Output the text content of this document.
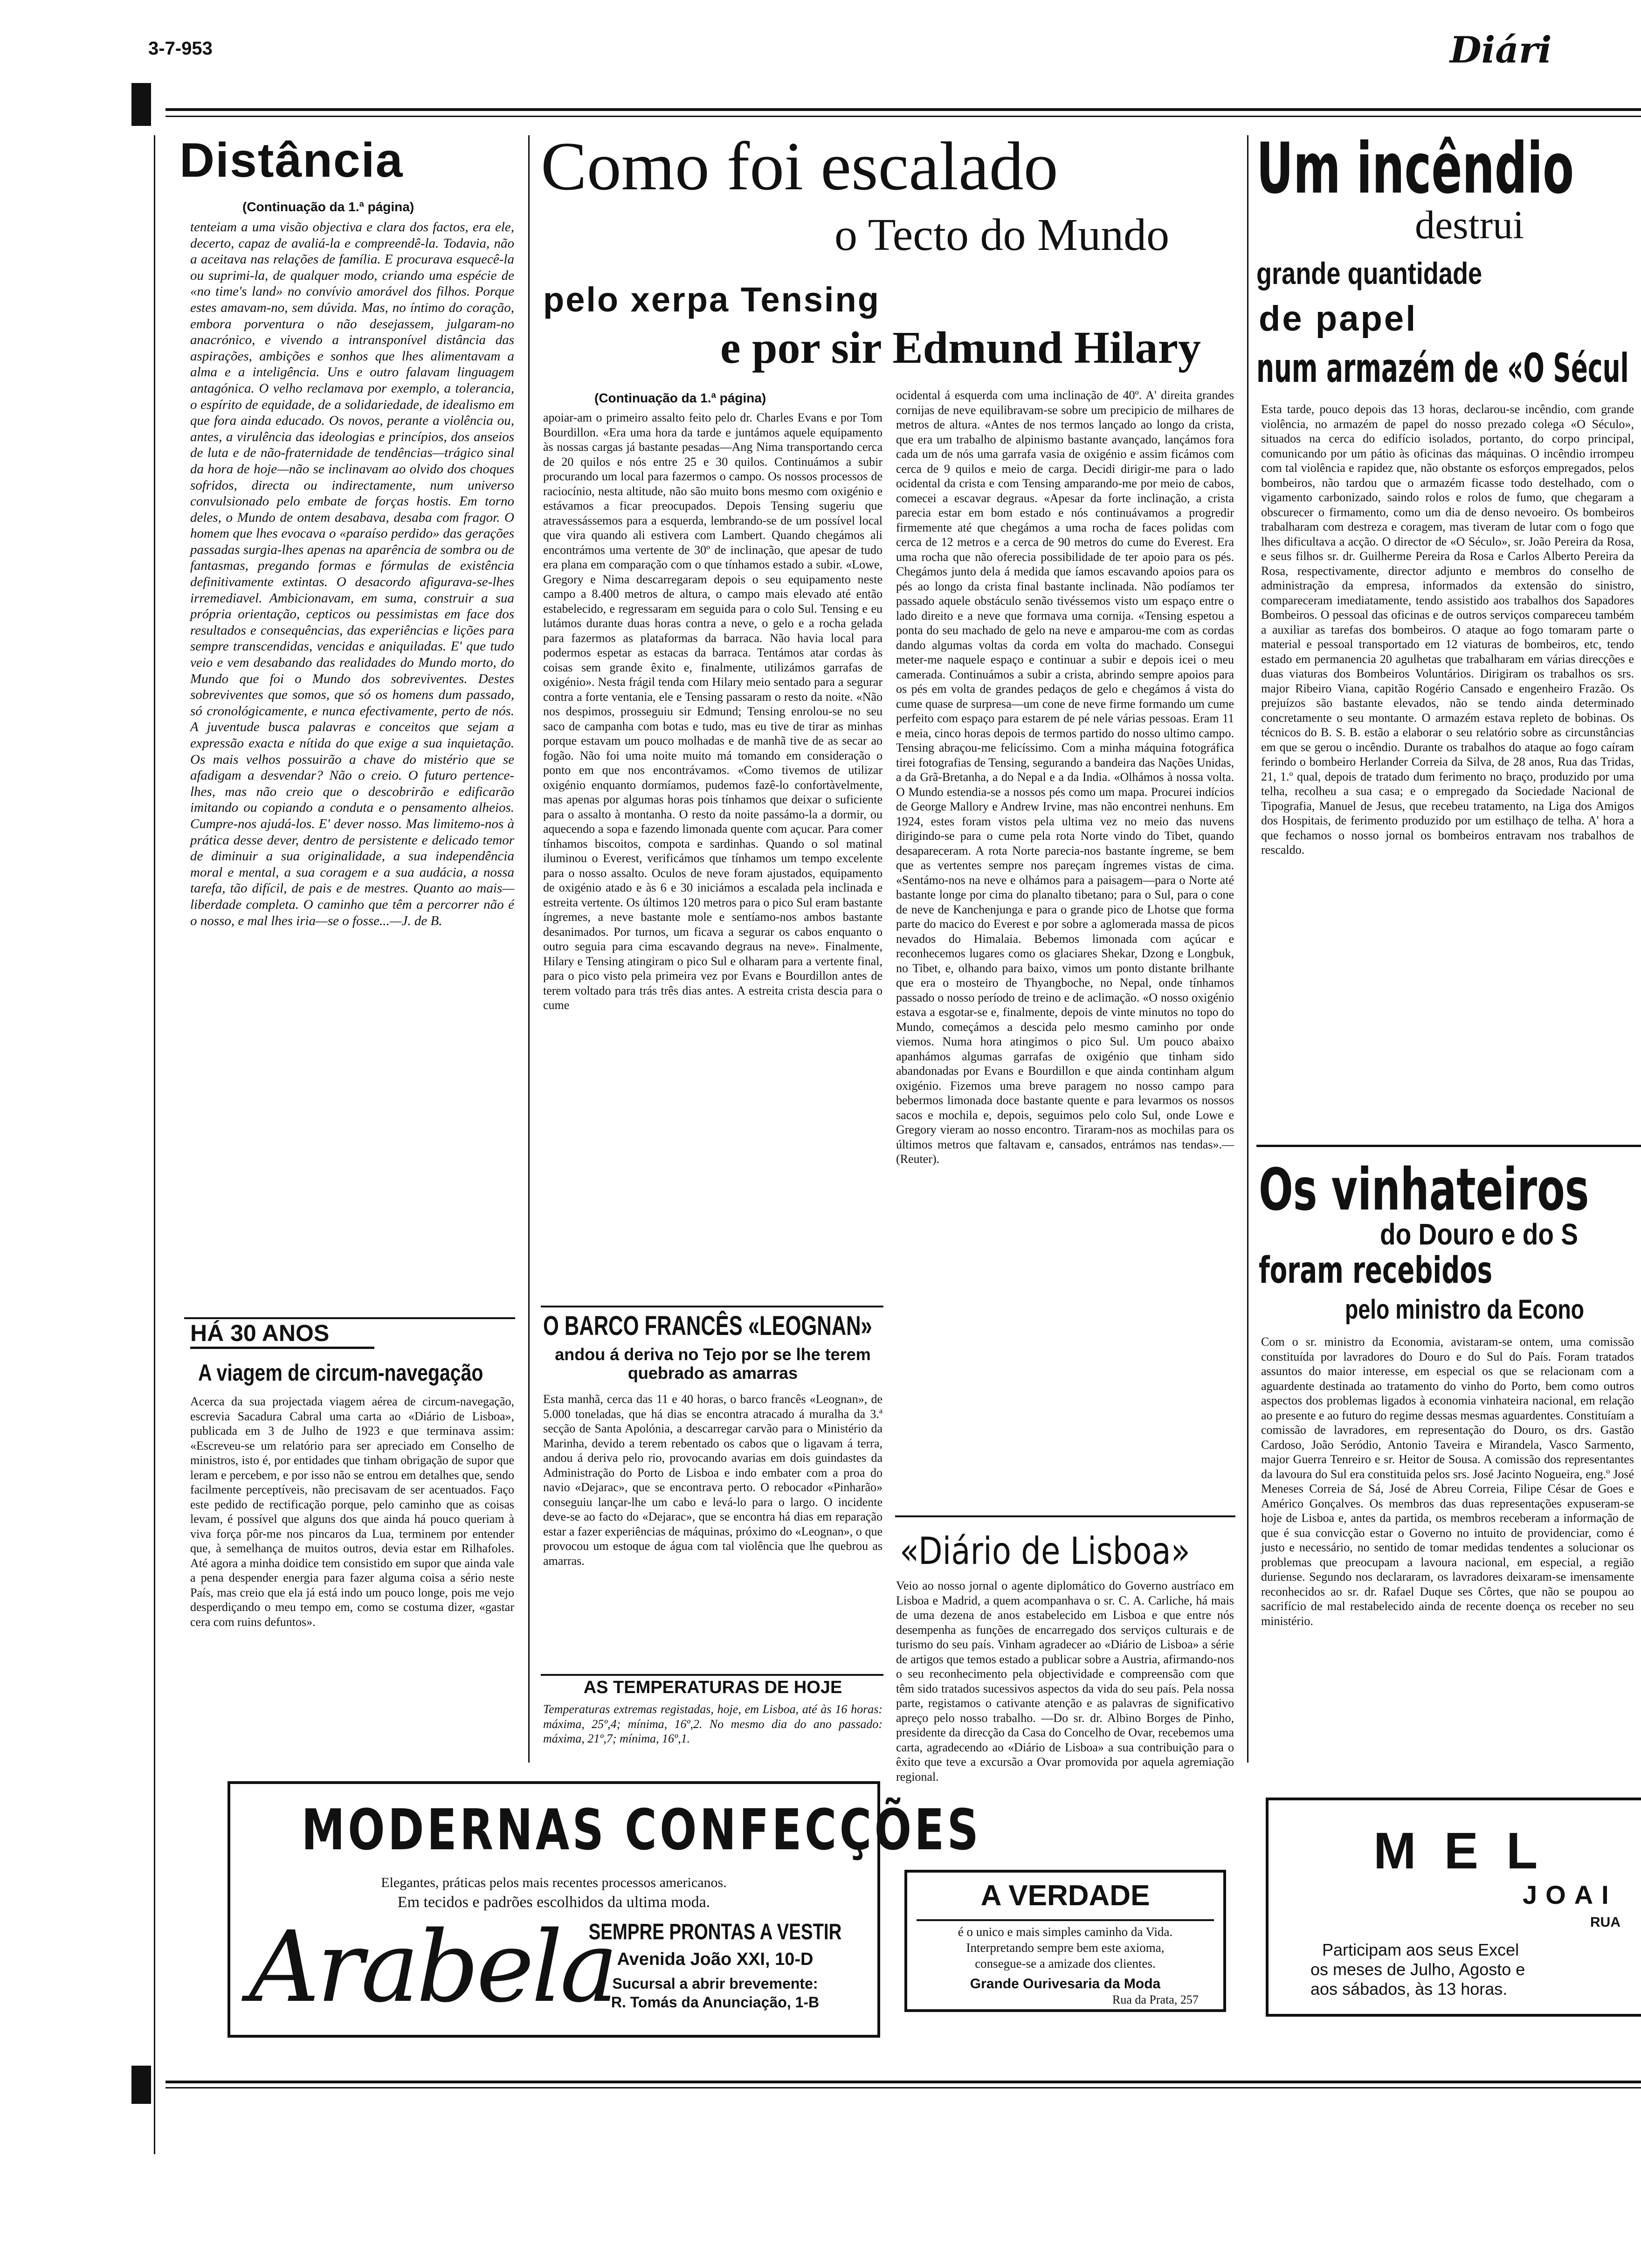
3-7-953	Diári
Distância
(Continuação da 1.ª página)

tenteiam a uma visão objectiva e clara dos factos, era ele, decerto, capaz de avaliá-la e compreendê-la. Todavia, não a aceitava nas relações de família. E procurava esquecê-la ou suprimi-la, de qualquer modo, criando uma espécie de «no time's land» no convívio amorável dos filhos. Porque estes amavam-no, sem dúvida. Mas, no íntimo do coração, embora porventura o não desejassem, julgaram-no anacrónico, e vivendo a intransponível distância das aspirações, ambições e sonhos que lhes alimentavam a alma e a inteligência. Uns e outro falavam linguagem antagónica. O velho reclamava por exemplo, a tolerancia, o espírito de equidade, de a solidariedade, de idealismo em que fora ainda educado. Os novos, perante a violência ou, antes, a virulência das ideologias e princípios, dos anseios de luta e de não-fraternidade de tendências—trágico sinal da hora de hoje—não se inclinavam ao olvido dos choques sofridos, directa ou indirectamente, num universo convulsionado pelo embate de forças hostis. Em torno deles, o Mundo de ontem desabava, desaba com fragor. O homem que lhes evocava o «paraíso perdido» das gerações passadas surgia-lhes apenas na aparência de sombra ou de fantasmas, pregando formas e fórmulas de existência definitivamente extintas. O desacordo afigurava-se-lhes irremediavel. Ambicionavam, em suma, construir a sua própria orientação, cepticos ou pessimistas em face dos resultados e consequências, das experiências e lições para sempre transcendidas, vencidas e aniquiladas. E' que tudo veio e vem desabando das realidades do Mundo morto, do Mundo que foi o Mundo dos sobreviventes. Destes sobreviventes que somos, que só os homens dum passado, só cronológicamente, e nunca efectivamente, perto de nós. A juventude busca palavras e conceitos que sejam a expressão exacta e nítida do que exige a sua inquietação. Os mais velhos possuirão a chave do mistério que se afadigam a desvendar? Não o creio. O futuro pertence-lhes, mas não creio que o descobrirão e edificarão imitando ou copiando a conduta e o pensamento alheios. Cumpre-nos ajudá-los. E' dever nosso. Mas limitemo-nos à prática desse dever, dentro de persistente e delicado temor de diminuir a sua originalidade, a sua independência moral e mental, a sua coragem e a sua audácia, a nossa tarefa, tão difícil, de pais e de mestres. Quanto ao mais—liberdade completa. O caminho que têm a percorrer não é o nosso, e mal lhes iria—se o fosse...—J. de B.

HÁ 30 ANOS
A viagem de circum-navegação

Acerca da sua projectada viagem aérea de circum-navegação, escrevia Sacadura Cabral uma carta ao «Diário de Lisboa», publicada em 3 de Julho de 1923 e que terminava assim: «Escreveu-se um relatório para ser apreciado em Conselho de ministros, isto é, por entidades que tinham obrigação de supor que leram e percebem, e por isso não se entrou em detalhes que, sendo facilmente perceptíveis, não precisavam de ser acentuados. Faço este pedido de rectificação porque, pelo caminho que as coisas levam, é possível que alguns dos que ainda há pouco queriam à viva força pôr-me nos pincaros da Lua, terminem por entender que, à semelhança de muitos outros, devia estar em Rilhafoles. Até agora a minha doidice tem consistido em supor que ainda vale a pena despender energia para fazer alguma coisa a sério neste País, mas creio que ela já está indo um pouco longe, pois me vejo desperdiçando o meu tempo em, como se costuma dizer, «gastar cera com ruins defuntos».

Como foi escalado
o Tecto do Mundo
pelo xerpa Tensing
e por sir Edmund Hilary
(Continuação da 1.ª página)

apoiar-am o primeiro assalto feito pelo dr. Charles Evans e por Tom Bourdillon. «Era uma hora da tarde e juntámos aquele equipamento às nossas cargas já bastante pesadas—Ang Nima transportando cerca de 20 quilos e nós entre 25 e 30 quilos. Continuámos a subir procurando um local para fazermos o campo. Os nossos processos de raciocínio, nesta altitude, não são muito bons mesmo com oxigénio e estávamos a ficar preocupados. Depois Tensing sugeriu que atravessássemos para a esquerda, lembrando-se de um possível local que vira quando ali estivera com Lambert. Quando chegámos ali encontrámos uma vertente de 30º de inclinação, que apesar de tudo era plana em comparação com o que tínhamos estado a subir. «Lowe, Gregory e Nima descarregaram depois o seu equipamento neste campo a 8.400 metros de altura, o campo mais elevado até então estabelecido, e regressaram em seguida para o colo Sul. Tensing e eu lutámos durante duas horas contra a neve, o gelo e a rocha gelada para fazermos as plataformas da barraca. Não havia local para podermos espetar as estacas da barraca. Tentámos atar cordas às coisas sem grande êxito e, finalmente, utilizámos garrafas de oxigénio». Nesta frágil tenda com Hilary meio sentado para a segurar contra a forte ventania, ele e Tensing passaram o resto da noite. «Não nos despimos, prosseguiu sir Edmund; Tensing enrolou-se no seu saco de campanha com botas e tudo, mas eu tive de tirar as minhas porque estavam um pouco molhadas e de manhã tive de as secar ao fogão. Não foi uma noite muito má tomando em consideração o ponto em que nos encontrávamos. «Como tivemos de utilizar oxigénio enquanto dormíamos, pudemos fazê-lo confortàvelmente, mas apenas por algumas horas pois tínhamos que deixar o suficiente para o assalto à montanha. O resto da noite passámo-la a dormir, ou aquecendo a sopa e fazendo limonada quente com açucar. Para comer tínhamos biscoitos, compota e sardinhas. Quando o sol matinal iluminou o Everest, verificámos que tínhamos um tempo excelente para o nosso assalto. Oculos de neve foram ajustados, equipamento de oxigénio atado e às 6 e 30 iniciámos a escalada pela inclinada e estreita vertente. Os últimos 120 metros para o pico Sul eram bastante íngremes, a neve bastante mole e sentíamo-nos ambos bastante desanimados. Por turnos, um ficava a segurar os cabos enquanto o outro seguia para cima escavando degraus na neve». Finalmente, Hilary e Tensing atingiram o pico Sul e olharam para a vertente final, para o pico visto pela primeira vez por Evans e Bourdillon antes de terem voltado para trás três dias antes. A estreita crista descia para o cume

ocidental á esquerda com uma inclinação de 40º. A' direita grandes cornijas de neve equilibravam-se sobre um precipicio de milhares de metros de altura. «Antes de nos termos lançado ao longo da crista, que era um trabalho de alpinismo bastante avançado, lançámos fora cada um de nós uma garrafa vasia de oxigénio e assim ficámos com cerca de 9 quilos e meio de carga. Decidi dirigir-me para o lado ocidental da crista e com Tensing amparando-me por meio de cabos, comecei a escavar degraus. «Apesar da forte inclinação, a crista parecia estar em bom estado e nós continuávamos a progredir firmemente até que chegámos a uma rocha de faces polidas com cerca de 12 metros e a cerca de 90 metros do cume do Everest. Era uma rocha que não oferecia possibilidade de ter apoio para os pés. Chegámos junto dela á medida que íamos escavando apoios para os pés ao longo da crista final bastante inclinada. Não podíamos ter passado aquele obstáculo senão tivéssemos visto um espaço entre o lado direito e a neve que formava uma cornija. «Tensing espetou a ponta do seu machado de gelo na neve e amparou-me com as cordas dando algumas voltas da corda em volta do machado. Consegui meter-me naquele espaço e continuar a subir e depois icei o meu camerada. Continuámos a subir a crista, abrindo sempre apoios para os pés em volta de grandes pedaços de gelo e chegámos á vista do cume quase de surpresa—um cone de neve firme formando um cume perfeito com espaço para estarem de pé nele várias pessoas. Eram 11 e meia, cinco horas depois de termos partido do nosso ultimo campo. Tensing abraçou-me felicíssimo. Com a minha máquina fotográfica tirei fotografias de Tensing, segurando a bandeira das Nações Unidas, a da Grã-Bretanha, a do Nepal e a da India. «Olhámos à nossa volta. O Mundo estendia-se a nossos pés como um mapa. Procurei indícios de George Mallory e Andrew Irvine, mas não encontrei nenhuns. Em 1924, estes foram vistos pela ultima vez no meio das nuvens dirigindo-se para o cume pela rota Norte vindo do Tibet, quando desapareceram. A rota Norte parecia-nos bastante íngreme, se bem que as vertentes sempre nos pareçam íngremes vistas de cima. «Sentámo-nos na neve e olhámos para a paisagem—para o Norte até bastante longe por cima do planalto tibetano; para o Sul, para o cone de neve de Kanchenjunga e para o grande pico de Lhotse que forma parte do macico do Everest e por sobre a aglomerada massa de picos nevados do Himalaia. Bebemos limonada com açúcar e reconhecemos lugares como os glaciares Shekar, Dzong e Longbuk, no Tibet, e, olhando para baixo, vimos um ponto distante brilhante que era o mosteiro de Thyangboche, no Nepal, onde tínhamos passado o nosso período de treino e de aclimação. «O nosso oxigénio estava a esgotar-se e, finalmente, depois de vinte minutos no topo do Mundo, começámos a descida pelo mesmo caminho por onde viemos. Numa hora atingimos o pico Sul. Um pouco abaixo apanhámos algumas garrafas de oxigénio que tinham sido abandonadas por Evans e Bourdillon e que ainda continham algum oxigénio. Fizemos uma breve paragem no nosso campo para bebermos limonada doce bastante quente e para levarmos os nossos sacos e mochila e, depois, seguimos pelo colo Sul, onde Lowe e Gregory vieram ao nosso encontro. Tiraram-nos as mochilas para os últimos metros que faltavam e, cansados, entrámos nas tendas».—(Reuter).

O BARCO FRANCÊS «LEOGNAN»
andou á deriva no Tejo por se lhe terem quebrado as amarras

Esta manhã, cerca das 11 e 40 horas, o barco francês «Leognan», de 5.000 toneladas, que há dias se encontra atracado á muralha da 3.ª secção de Santa Apolónia, a descarregar carvão para o Ministério da Marinha, devido a terem rebentado os cabos que o ligavam á terra, andou á deriva pelo rio, provocando avarias em dois guindastes da Administração do Porto de Lisboa e indo embater com a proa do navio «Dejarac», que se encontrava perto. O rebocador «Pinharão» conseguiu lançar-lhe um cabo e levá-lo para o largo. O incidente deve-se ao facto do «Dejarac», que se encontra há dias em reparação estar a fazer experiências de máquinas, próximo do «Leognan», o que provocou um estoque de água com tal violência que lhe quebrou as amarras.

AS TEMPERATURAS DE HOJE

Temperaturas extremas registadas, hoje, em Lisboa, até às 16 horas: máxima, 25º,4; mínima, 16º,2. No mesmo dia do ano passado: máxima, 21º,7; mínima, 16º,1.

«Diário de Lisboa»

Veio ao nosso jornal o agente diplomático do Governo austríaco em Lisboa e Madrid, a quem acompanhava o sr. C. A. Carliche, há mais de uma dezena de anos estabelecido em Lisboa e que entre nós desempenha as funções de encarregado dos serviços culturais e de turismo do seu país. Vinham agradecer ao «Diário de Lisboa» a série de artigos que temos estado a publicar sobre a Austria, afirmando-nos o seu reconhecimento pela objectividade e compreensão com que têm sido tratados sucessivos aspectos da vida do seu país. Pela nossa parte, registamos o cativante atenção e as palavras de significativo apreço pelo nosso trabalho. —Do sr. dr. Albino Borges de Pinho, presidente da direcção da Casa do Concelho de Ovar, recebemos uma carta, agradecendo ao «Diário de Lisboa» a sua contribuição para o êxito que teve a excursão a Ovar promovida por aquela agremiação regional.

Um incêndio
destrui
grande quantidade
de papel
num armazém de «O Sécul

Esta tarde, pouco depois das 13 horas, declarou-se incêndio, com grande violência, no armazém de papel do nosso prezado colega «O Século», situados na cerca do edifício isolados, portanto, do corpo principal, comunicando por um pátio às oficinas das máquinas. O incêndio irrompeu com tal violência e rapidez que, não obstante os esforços empregados, pelos bombeiros, não tardou que o armazém ficasse todo destelhado, com o vigamento carbonizado, saindo rolos e rolos de fumo, que chegaram a obscurecer o firmamento, como um dia de denso nevoeiro. Os bombeiros trabalharam com destreza e coragem, mas tiveram de lutar com o fogo que lhes dificultava a acção. O director de «O Século», sr. João Pereira da Rosa, e seus filhos sr. dr. Guilherme Pereira da Rosa e Carlos Alberto Pereira da Rosa, respectivamente, director adjunto e membros do conselho de administração da empresa, informados da extensão do sinistro, compareceram imediatamente, tendo assistido aos trabalhos dos Sapadores Bombeiros. O pessoal das oficinas e de outros serviços compareceu também a auxiliar as tarefas dos bombeiros. O ataque ao fogo tomaram parte o material e pessoal transportado em 12 viaturas de bombeiros, etc, tendo estado em permanencia 20 agulhetas que trabalharam em várias direcções e duas viaturas dos Bombeiros Voluntários. Dirigiram os trabalhos os srs. major Ribeiro Viana, capitão Rogério Cansado e engenheiro Frazão. Os prejuízos são bastante elevados, não se tendo ainda determinado concretamente o seu montante. O armazém estava repleto de bobinas. Os técnicos do B. S. B. estão a elaborar o seu relatório sobre as circunstâncias em que se gerou o incêndio. Durante os trabalhos do ataque ao fogo caíram ferindo o bombeiro Herlander Correia da Silva, de 28 anos, Rua das Tridas, 21, 1.º qual, depois de tratado dum ferimento no braço, produzido por uma telha, recolheu a sua casa; e o empregado da Sociedade Nacional de Tipografia, Manuel de Jesus, que recebeu tratamento, na Liga dos Amigos dos Hospitais, de ferimento produzido por um estilhaço de telha. A' hora a que fechamos o nosso jornal os bombeiros entravam nos trabalhos de rescaldo.

Os vinhateiros
do Douro e do S
foram recebidos
pelo ministro da Econo

Com o sr. ministro da Economia, avistaram-se ontem, uma comissão constituída por lavradores do Douro e do Sul do País. Foram tratados assuntos do maior interesse, em especial os que se relacionam com a aguardente destinada ao tratamento do vinho do Porto, bem como outros aspectos dos problemas ligados à economia vinhateira nacional, em relação ao presente e ao futuro do regime dessas mesmas aguardentes. Constituíam a comissão de lavradores, em representação do Douro, os drs. Gastão Cardoso, João Seródio, Antonio Taveira e Mirandela, Vasco Sarmento, major Guerra Tenreiro e sr. Heitor de Sousa. A comissão dos representantes da lavoura do Sul era constituida pelos srs. José Jacinto Nogueira, eng.º José Meneses Correia de Sá, José de Abreu Correia, Filipe César de Goes e Américo Gonçalves. Os membros das duas representações expuseram-se hoje de Lisboa e, antes da partida, os membros receberam a informação de que é sua convicção estar o Governo no intuito de providenciar, como é justo e necessário, no sentido de tomar medidas tendentes a solucionar os problemas que preocupam a lavoura nacional, em especial, a região duriense. Segundo nos declararam, os lavradores deixaram-se imensamente reconhecidos ao sr. dr. Rafael Duque ses Côrtes, que não se poupou ao sacrifício de mal restabelecido ainda de recente doença os receber no seu ministério.

MODERNAS CONFECÇÕES
Elegantes, práticas pelos mais recentes processos americanos.
Em tecidos e padrões escolhidos da ultima moda.
Arabela
SEMPRE PRONTAS A VESTIR
Avenida João XXI, 10-D
Sucursal a abrir brevemente:
R. Tomás da Anunciação, 1-B
A VERDADE
é o unico e mais simples caminho da Vida.
Interpretando sempre bem este axioma,
consegue-se a amizade dos clientes.
Grande Ourivesaria da Moda
Rua da Prata, 257
MEL
JOAI
RUA
Participam aos seus Excel
os meses de Julho, Agosto e
aos sábados, às 13 horas.
